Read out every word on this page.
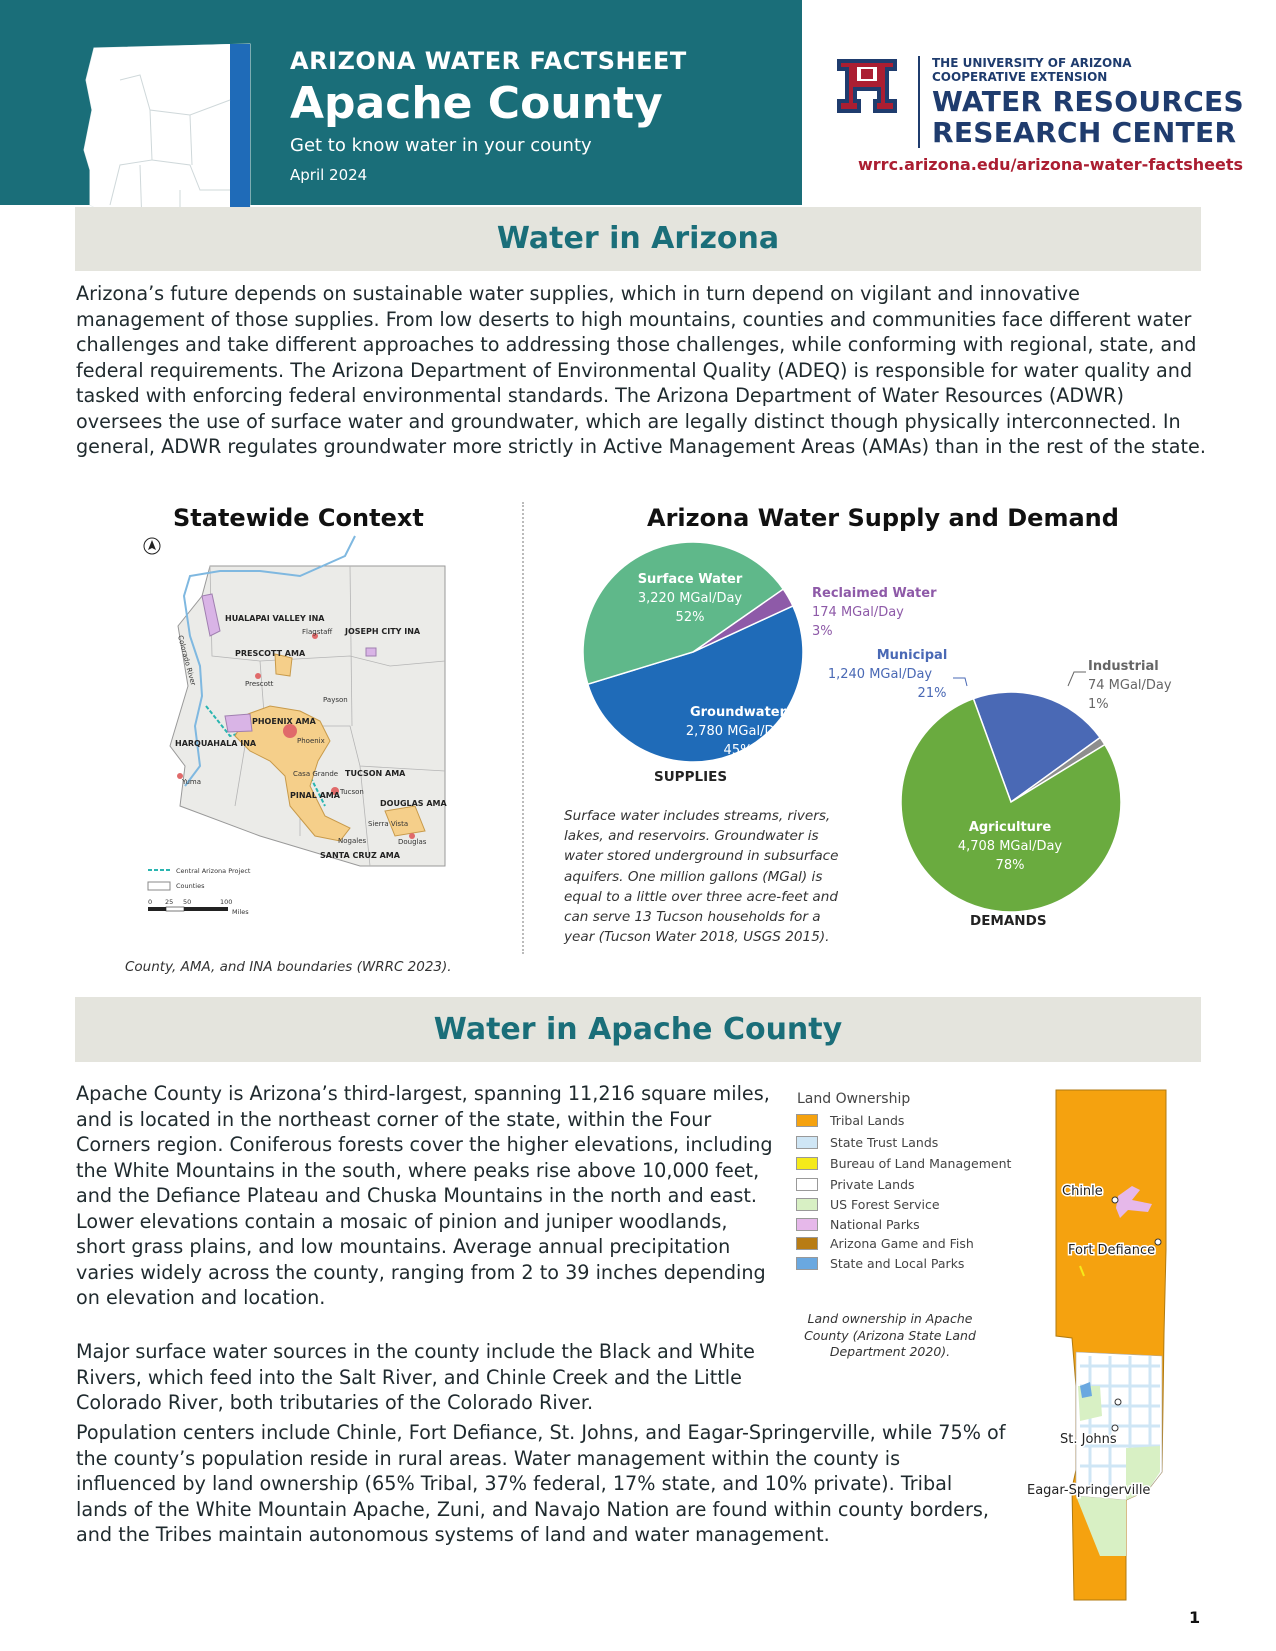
ARIZONA WATER FACTSHEET
Apache County
Get to know water in your county
April 2024
THE UNIVERSITY OF ARIZONA
COOPERATIVE EXTENSION
WATER RESOURCES
RESEARCH CENTER
wrrc.arizona.edu/arizona-water-factsheets
Water in Arizona
Arizona’s future depends on sustainable water supplies, which in turn depend on vigilant and innovative management of those supplies. From low deserts to high mountains, counties and communities face different water challenges and take different approaches to addressing those challenges, while conforming with regional, state, and federal requirements. The Arizona Department of Environmental Quality (ADEQ) is responsible for water quality and tasked with enforcing federal environmental standards. The Arizona Department of Water Resources (ADWR) oversees the use of surface water and groundwater, which are legally distinct though physically interconnected. In general, ADWR regulates groundwater more strictly in Active Management Areas (AMAs) than in the rest of the state.
Statewide Context	Arizona Water Supply and Demand
HUALAPAI VALLEY INA
JOSEPH CITY INA
PRESCOTT AMA
PHOENIX AMA
HARQUAHALA INA
PINAL AMA
TUCSON AMA
DOUGLAS AMA
SANTA CRUZ AMA
Flagstaff
Prescott
Payson
Phoenix
Yuma
Casa Grande
Tucson
Sierra Vista
Douglas
Nogales
Colorado River
Central Arizona Project
Counties
0 25 50	100
Miles
County, AMA, and INA boundaries (WRRC 2023).
Surface Water
Groundwater
Agriculture
3,220 MGal/Day
52%
2,780 MGal/Day
45%
4,708 MGal/Day
78%
Reclaimed Water
174 MGal/Day
3%
Municipal
1,240 MGal/Day
21%
Industrial
74 MGal/Day
1%
SUPPLIES
DEMANDS
Surface water includes streams, rivers, lakes, and reservoirs. Groundwater is water stored underground in subsurface aquifers. One million gallons (MGal) is equal to a little over three acre-feet and can serve 13 Tucson households for a year (Tucson Water 2018, USGS 2015).
Water in Apache County
Apache County is Arizona’s third-largest, spanning 11,216 square miles, and is located in the northeast corner of the state, within the Four Corners region. Coniferous forests cover the higher elevations, including the White Mountains in the south, where peaks rise above 10,000 feet, and the Defiance Plateau and Chuska Mountains in the north and east. Lower elevations contain a mosaic of pinion and juniper woodlands, short grass plains, and low mountains. Average annual precipitation varies widely across the county, ranging from 2 to 39 inches depending on elevation and location.
Major surface water sources in the county include the Black and White Rivers, which feed into the Salt River, and Chinle Creek and the Little Colorado River, both tributaries of the Colorado River.
Population centers include Chinle, Fort Defiance, St. Johns, and Eagar-Springerville, while 75% of the county’s population reside in rural areas. Water management within the county is influenced by land ownership (65% Tribal, 37% federal, 17% state, and 10% private). Tribal lands of the White Mountain Apache, Zuni, and Navajo Nation are found within county borders, and the Tribes maintain autonomous systems of land and water management.
Land Ownership
Tribal Lands
State Trust Lands
Bureau of Land Management
Private Lands
US Forest Service
National Parks
Arizona Game and Fish
State and Local Parks
Land ownership in Apache County (Arizona State Land Department 2020).
Chinle
Fort Defiance
St. Johns
Eagar-Springerville
1
